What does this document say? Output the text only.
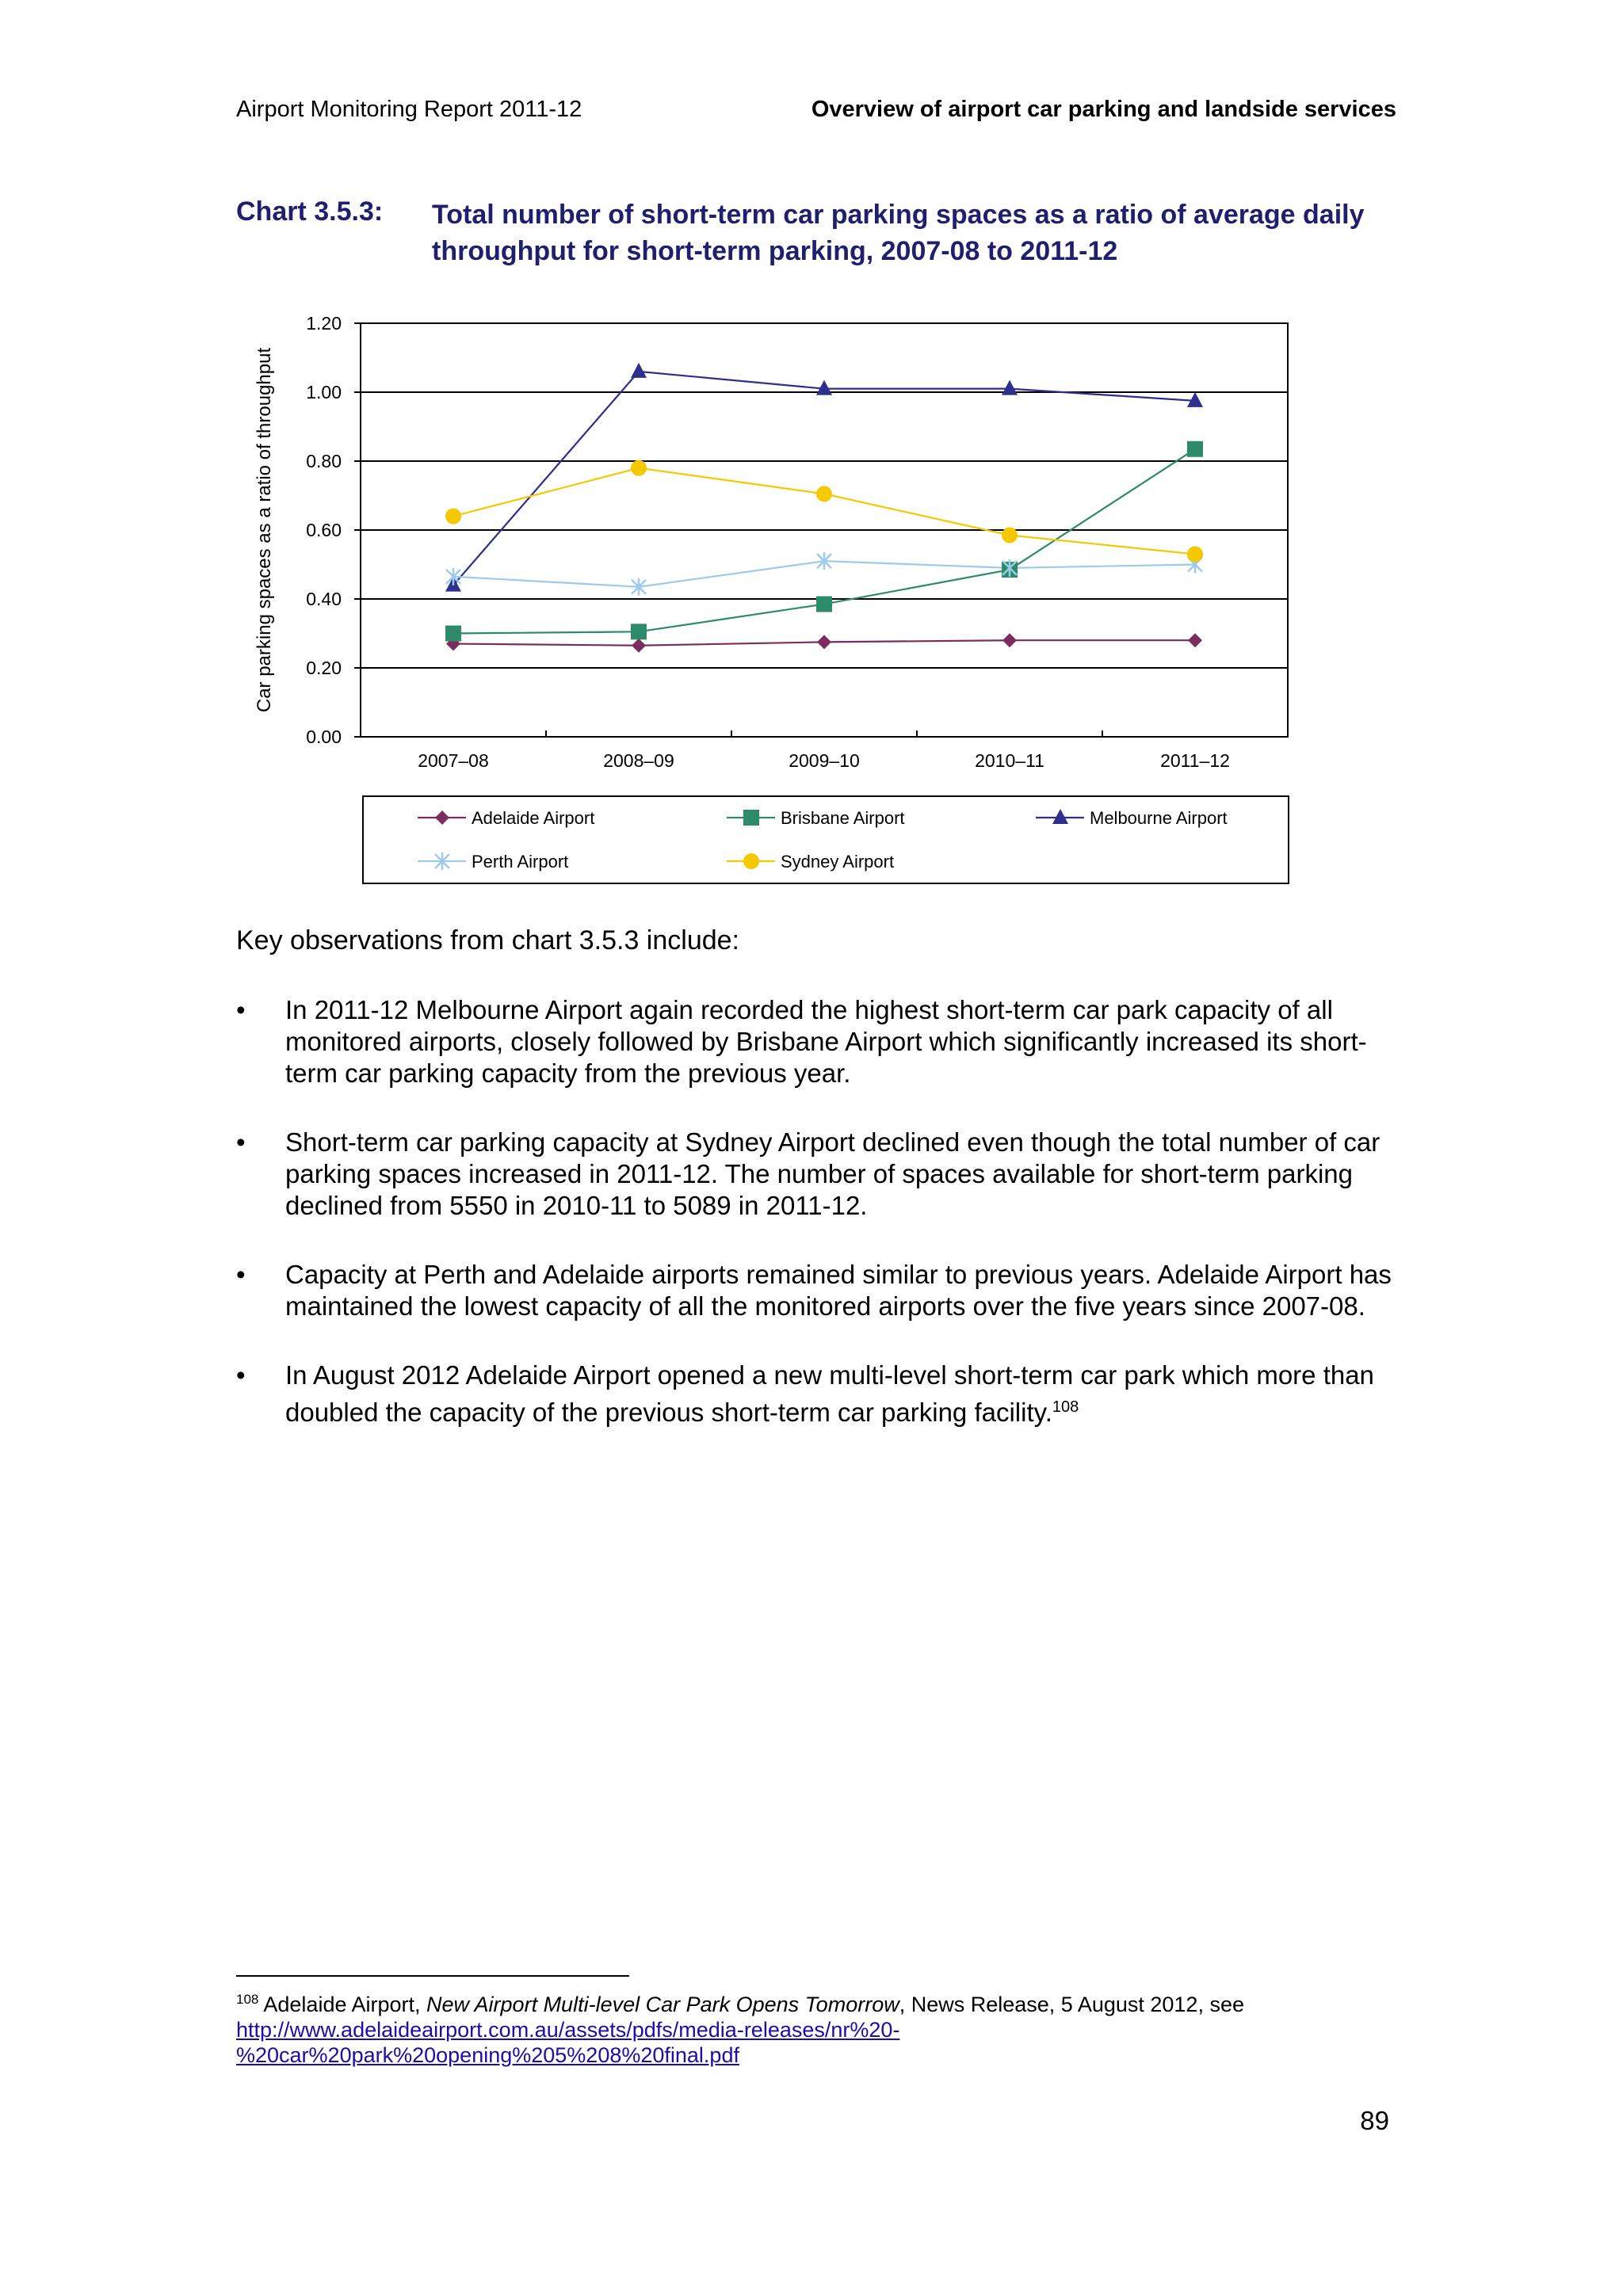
Airport Monitoring Report 2011-12	Overview of airport car parking and landside services
Chart 3.5.3: Total number of short-term car parking spaces as a ratio of average daily throughput for short-term parking, 2007-08 to 2011-12
0.00
0.20
0.40
0.60
0.80
1.00
1.20
2007–08	2008–09	2009–10	2010–11	2011–12
Car parking spaces as a ratio of throughput
Adelaide Airport	Brisbane Airport	Melbourne Airport
Perth Airport	Sydney Airport
Key observations from chart 3.5.3 include:
• In 2011-12 Melbourne Airport again recorded the highest short-term car park capacity of all monitored airports, closely followed by Brisbane Airport which significantly increased its short-term car parking capacity from the previous year.
• Short-term car parking capacity at Sydney Airport declined even though the total number of car parking spaces increased in 2011-12. The number of spaces available for short-term parking declined from 5550 in 2010-11 to 5089 in 2011-12.
• Capacity at Perth and Adelaide airports remained similar to previous years. Adelaide Airport has maintained the lowest capacity of all the monitored airports over the five years since 2007-08.
• In August 2012 Adelaide Airport opened a new multi-level short-term car park which more than doubled the capacity of the previous short-term car parking facility.$^{108}$
$^{108}$ Adelaide Airport, New Airport Multi-level Car Park Opens Tomorrow, News Release, 5 August 2012, see
http://www.adelaideairport.com.au/assets/pdfs/media-releases/nr%20-
%20car%20park%20opening%205%208%20final.pdf
89
